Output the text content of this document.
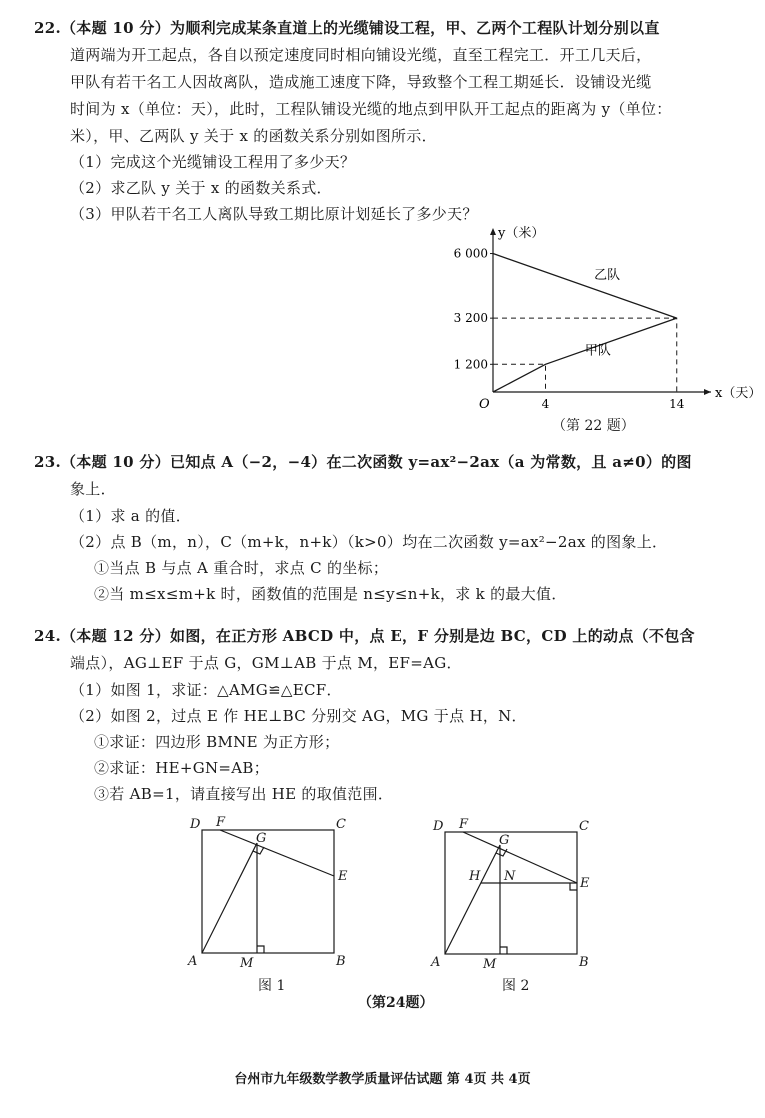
22.（本题 10 分）为顺利完成某条直道上的光缆铺设工程，甲、乙两个工程队计划分别以直
道两端为开工起点，各自以预定速度同时相向铺设光缆，直至工程完工．开工几天后，
甲队有若干名工人因故离队，造成施工速度下降，导致整个工程工期延长．设铺设光缆
时间为 x（单位：天），此时，工程队铺设光缆的地点到甲队开工起点的距离为 y（单位：
米），甲、乙两队 y 关于 x 的函数关系分别如图所示．
（1）完成这个光缆铺设工程用了多少天？
（2）求乙队 y 关于 x 的函数关系式．
（3）甲队若干名工人离队导致工期比原计划延长了多少天？
x（天）
y（米）
O
乙队
甲队
1 200
3 200
6 000
4	14
（第 22 题）
23.（本题 10 分）已知点 A（−2，−4）在二次函数 y=ax²−2ax（a 为常数，且 a≠0）的图
象上．
（1）求 a 的值．
（2）点 B（m，n），C（m+k，n+k）（k>0）均在二次函数 y=ax²−2ax 的图象上．
①当点 B 与点 A 重合时，求点 C 的坐标；
②当 m≤x≤m+k 时，函数值的范围是 n≤y≤n+k，求 k 的最大值．
24.（本题 12 分）如图，在正方形 ABCD 中，点 E，F 分别是边 BC，CD 上的动点（不包含
端点），AG⊥EF 于点 G，GM⊥AB 于点 M，EF=AG．
（1）如图 1，求证：△AMG≌△ECF．
（2）如图 2，过点 E 作 HE⊥BC 分别交 AG，MG 于点 H，N．
①求证：四边形 BMNE 为正方形；
②求证：HE+GN=AB；
③若 AB=1，请直接写出 HE 的取值范围．
D F
G
C
E
A	M	B
图 1
D F
G
C
H N	E
A	M	B
图 2
（第24题）
台州市九年级数学教学质量评估试题 第 4页 共 4页
